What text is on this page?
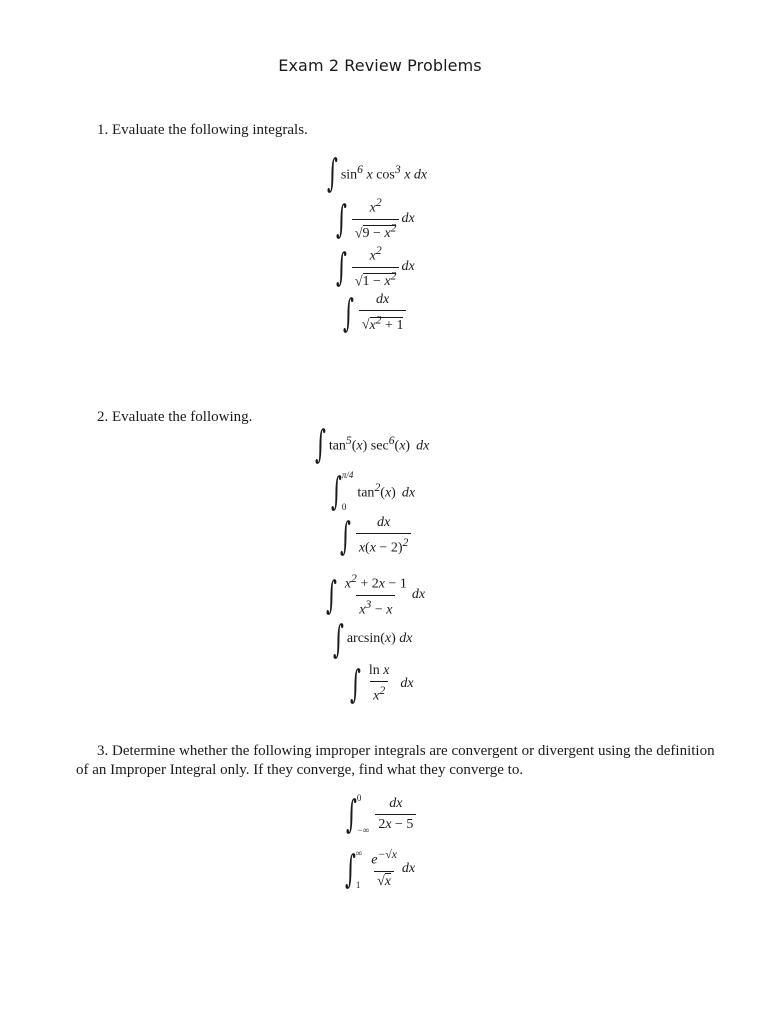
Exam 2 Review Problems
1. Evaluate the following integrals.
∫ $\sin^6 x$ $\cos^3 x$ dx
∫ $\frac{x^2}{√9 - x^2}$ dx
∫ $\frac{x^2}{√1 - x^2}$ dx
∫ $\frac{dx}{√x^2 + 1}$
2. Evaluate the following.
∫ $\tan^5(x)$ $\sec^6(x)$ dx
∫ π/4
0
$\tan^2(x)$ dx
∫ $\frac{dx}{x(x - 2)^2}$
∫ $\frac{x^2 + 2x - 1}{x^3 - x}$ dx
∫ arcsin(x) dx
∫ $\frac{\text{ln x}}{x^2}$ dx
3. Determine whether the following improper integrals are convergent or divergent using the definition of an Improper Integral only. If they converge, find what they converge to.
∫ 0
−∞ $\frac{dx}{2x - 5}$
∫ ∞
$1 \frac{e^{-√x}}{√x}$ dx
